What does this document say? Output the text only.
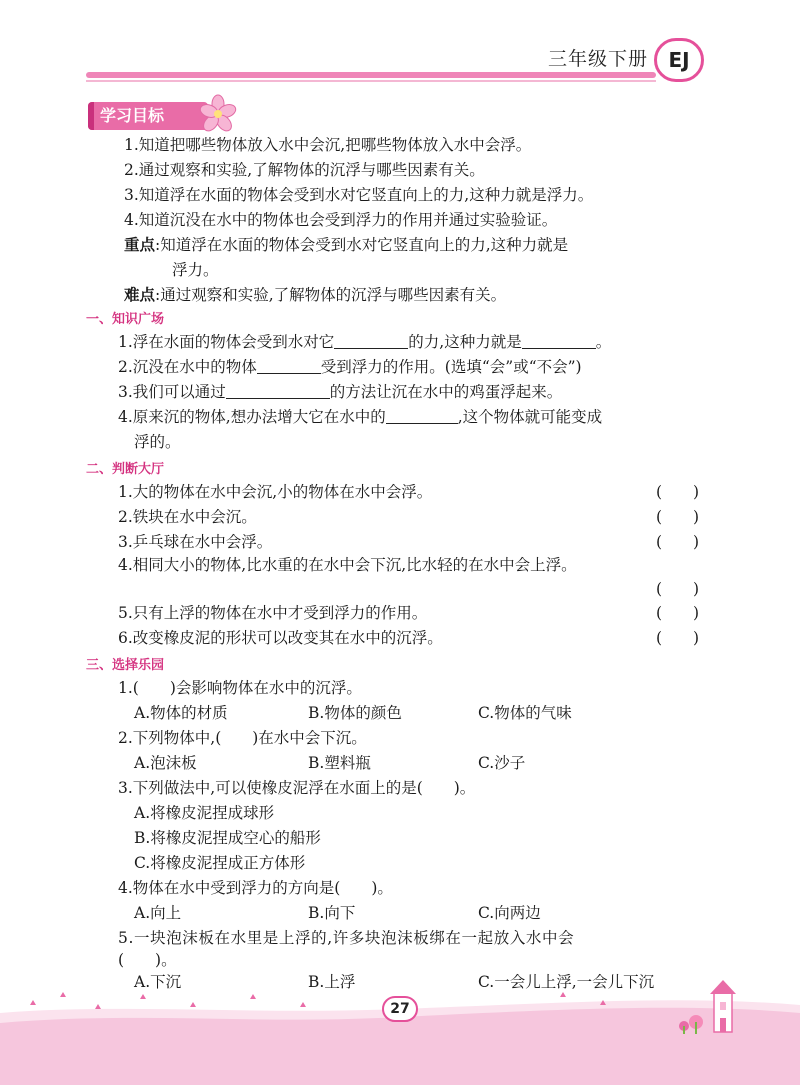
三年级下册	EJ
学习目标
1.知道把哪些物体放入水中会沉,把哪些物体放入水中会浮。
2.通过观察和实验,了解物体的沉浮与哪些因素有关。
3.知道浮在水面的物体会受到水对它竖直向上的力,这种力就是浮力。
4.知道沉没在水中的物体也会受到浮力的作用并通过实验验证。
重点:知道浮在水面的物体会受到水对它竖直向上的力,这种力就是
浮力。
难点:通过观察和实验,了解物体的沉浮与哪些因素有关。
一、知识广场
1.浮在水面的物体会受到水对它	的力,这种力就是	。
2.沉没在水中的物体	受到浮力的作用。(选填“会”或“不会”)
3.我们可以通过	的方法让沉在水中的鸡蛋浮起来。
4.原来沉的物体,想办法增大它在水中的	,这个物体就可能变成
浮的。
二、判断大厅
1.大的物体在水中会沉,小的物体在水中会浮。	(　　)
2.铁块在水中会沉。	(　　)
3.乒乓球在水中会浮。	(　　)
4.相同大小的物体,比水重的在水中会下沉,比水轻的在水中会上浮。
(　　)
5.只有上浮的物体在水中才受到浮力的作用。	(　　)
6.改变橡皮泥的形状可以改变其在水中的沉浮。	(　　)
三、选择乐园
1.(　　)会影响物体在水中的沉浮。
A.物体的材质	B.物体的颜色	C.物体的气味
2.下列物体中,(　　)在水中会下沉。
A.泡沫板	B.塑料瓶	C.沙子
3.下列做法中,可以使橡皮泥浮在水面上的是(　　)。
A.将橡皮泥捏成球形
B.将橡皮泥捏成空心的船形
C.将橡皮泥捏成正方体形
4.物体在水中受到浮力的方向是(　　)。
A.向上	B.向下	C.向两边
5.一块泡沫板在水里是上浮的,许多块泡沫板绑在一起放入水中会
(　　)。
A.下沉	B.上浮	C.一会儿上浮,一会儿下沉
27
